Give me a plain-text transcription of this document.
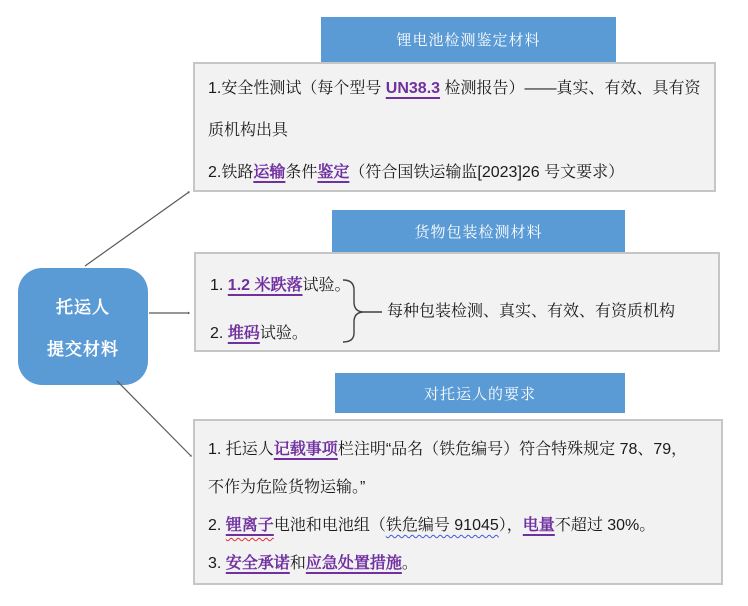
托运人
提交材料
锂电池检测鉴定材料
1.安全性测试（每个型号 UN38.3 检测报告）——真实、有效、具有资
质机构出具
2.铁路运输条件鉴定（符合国铁运输监[2023]26 号文要求）
货物包装检测材料
1. 1.2 米跌落试验。
2. 堆码试验。
每种包装检测、真实、有效、有资质机构
对托运人的要求
1. 托运人记载事项栏注明“品名（铁危编号）符合特殊规定 78、79，
不作为危险货物运输。”
2. 锂离子电池和电池组（铁危编号 91045），电量不超过 30%。
3. 安全承诺和应急处置措施。
